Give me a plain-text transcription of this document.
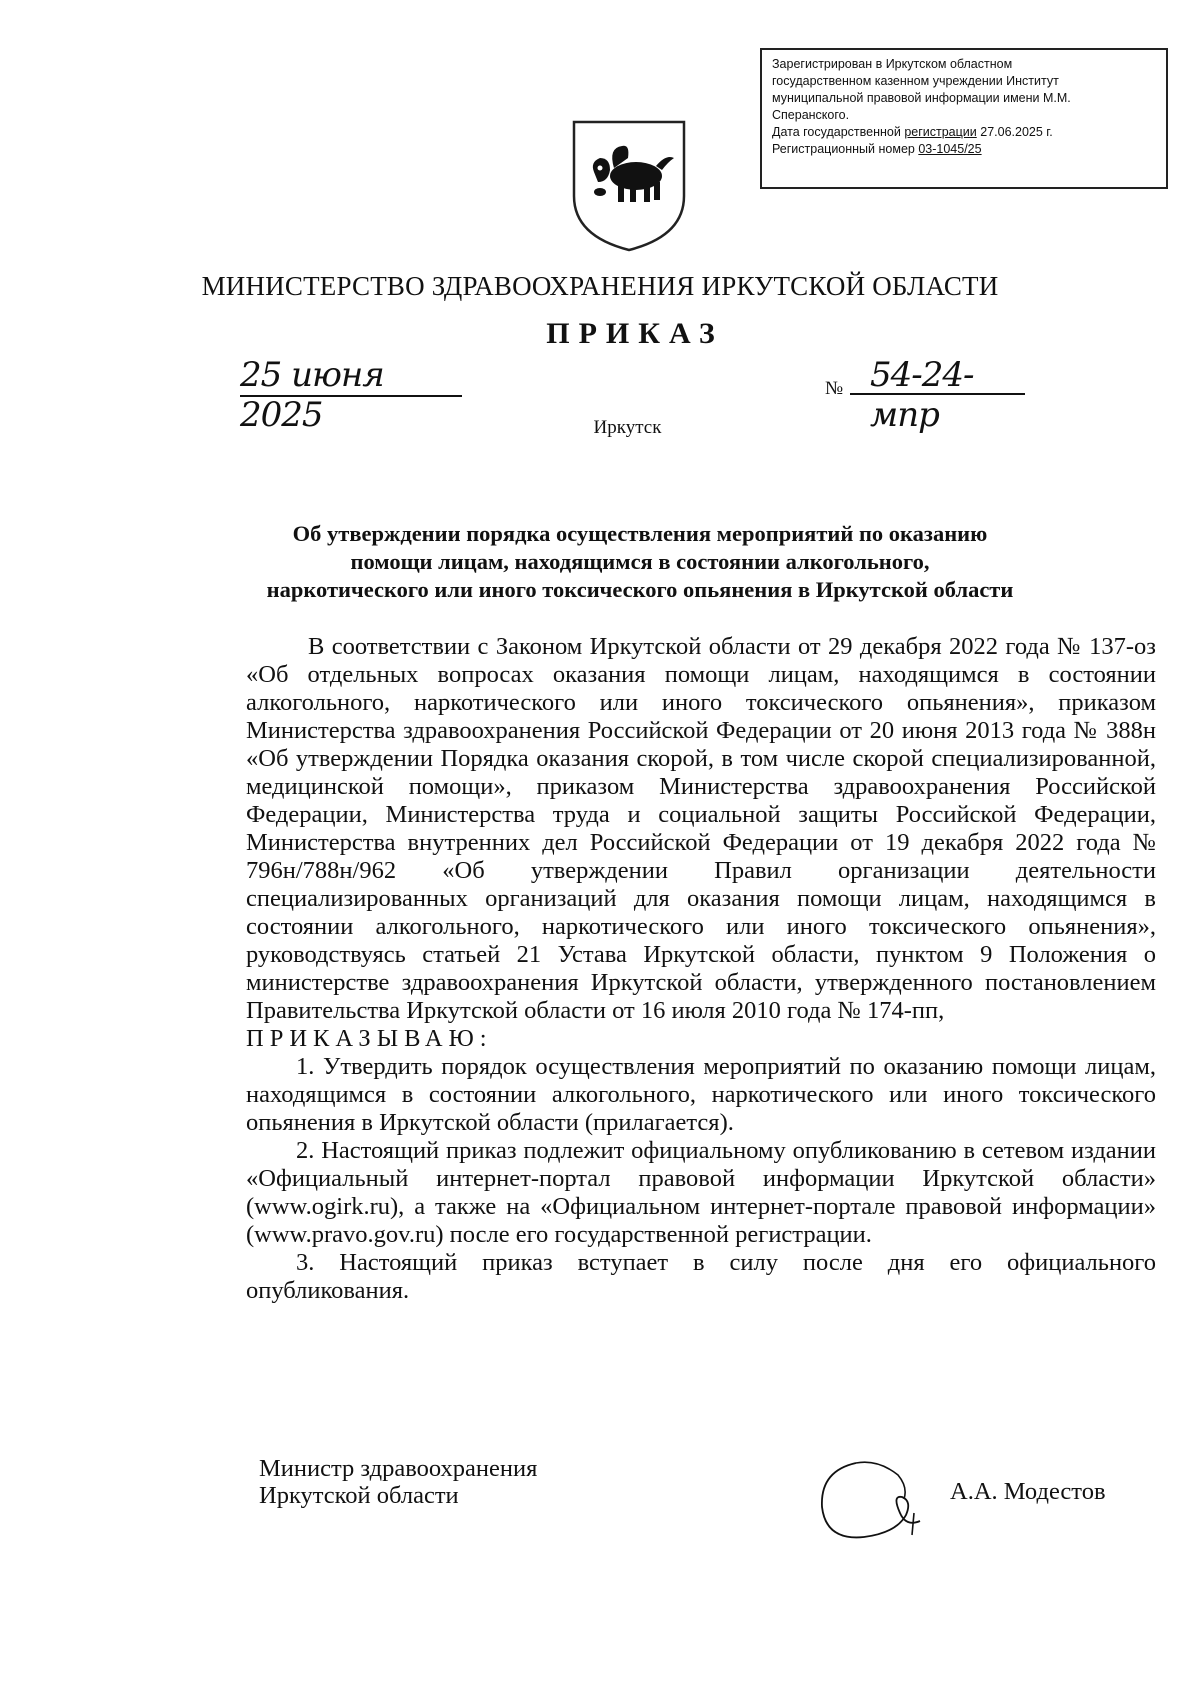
Зарегистрирован в Иркутском областном
государственном казенном учреждении Институт
муниципальной правовой информации имени М.М.
Сперанского.
Дата государственной регистрации 27.06.2025 г.
Регистрационный номер 03-1045/25
МИНИСТЕРСТВО ЗДРАВООХРАНЕНИЯ ИРКУТСКОЙ ОБЛАСТИ
ПРИКАЗ
25 июня 2025
№ 54-24-мпр
Иркутск
Об утверждении порядка осуществления мероприятий по оказанию
помощи лицам, находящимся в состоянии алкогольного,
наркотического или иного токсического опьянения в Иркутской области

В соответствии с Законом Иркутской области от 29 декабря 2022 года № 137-оз «Об отдельных вопросах оказания помощи лицам, находящимся в состоянии алкогольного, наркотического или иного токсического опьянения», приказом Министерства здравоохранения Российской Федерации от 20 июня 2013 года № 388н «Об утверждении Порядка оказания скорой, в том числе скорой специализированной, медицинской помощи», приказом Министерства здравоохранения Российской Федерации, Министерства труда и социальной защиты Российской Федерации, Министерства внутренних дел Российской Федерации от 19 декабря 2022 года № 796н/788н/962 «Об утверждении Правил организации деятельности специализированных организаций для оказания помощи лицам, находящимся в состоянии алкогольного, наркотического или иного токсического опьянения», руководствуясь статьей 21 Устава Иркутской области, пунктом 9 Положения о министерстве здравоохранения Иркутской области, утвержденного постановлением Правительства Иркутской области от 16 июля 2010 года № 174-пп,

ПРИКАЗЫВАЮ:

1. Утвердить порядок осуществления мероприятий по оказанию помощи лицам, находящимся в состоянии алкогольного, наркотического или иного токсического опьянения в Иркутской области (прилагается).

2. Настоящий приказ подлежит официальному опубликованию в сетевом издании «Официальный интернет-портал правовой информации Иркутской области» (www.ogirk.ru), а также на «Официальном интернет-портале правовой информации» (www.pravo.gov.ru) после его государственной регистрации.

3. Настоящий приказ вступает в силу после дня его официального опубликования.

Министр здравоохранения
Иркутской области	А.А. Модестов
